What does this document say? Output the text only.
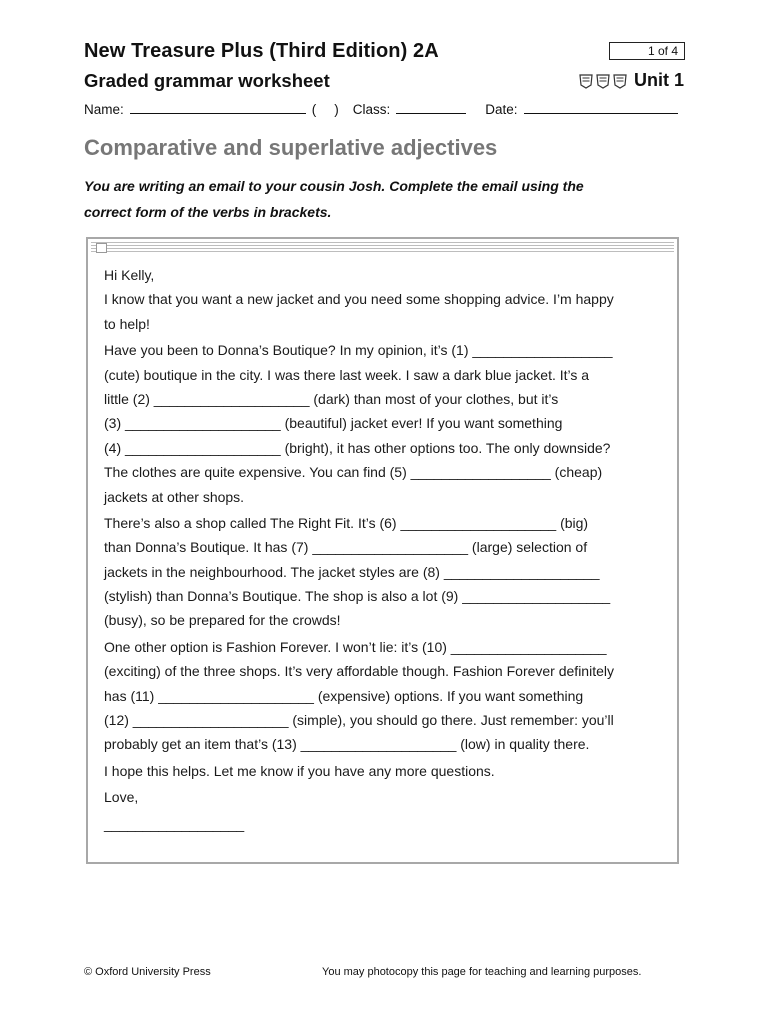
New Treasure Plus (Third Edition) 2A
Graded grammar worksheet
1 of 4
Unit 1
Name:	( ) Class:	Date:
Comparative and superlative adjectives
You are writing an email to your cousin Josh. Complete the email using the
correct form of the verbs in brackets.
Hi Kelly,
I know that you want a new jacket and you need some shopping advice. I’m happy
to help!
Have you been to Donna’s Boutique? In my opinion, it’s (1) __________________
(cute) boutique in the city. I was there last week. I saw a dark blue jacket. It’s a
little (2) ____________________ (dark) than most of your clothes, but it’s
(3) ____________________ (beautiful) jacket ever! If you want something
(4) ____________________ (bright), it has other options too. The only downside?
The clothes are quite expensive. You can find (5) __________________ (cheap)
jackets at other shops.
There’s also a shop called The Right Fit. It’s (6) ____________________ (big)
than Donna’s Boutique. It has (7) ____________________ (large) selection of
jackets in the neighbourhood. The jacket styles are (8) ____________________
(stylish) than Donna’s Boutique. The shop is also a lot (9) ___________________
(busy), so be prepared for the crowds!
One other option is Fashion Forever. I won’t lie: it’s (10) ____________________
(exciting) of the three shops. It’s very affordable though. Fashion Forever definitely
has (11) ____________________ (expensive) options. If you want something
(12) ____________________ (simple), you should go there. Just remember: you’ll
probably get an item that’s (13) ____________________ (low) in quality there.
I hope this helps. Let me know if you have any more questions.
Love,
__________________
© Oxford University Press	You may photocopy this page for teaching and learning purposes.
